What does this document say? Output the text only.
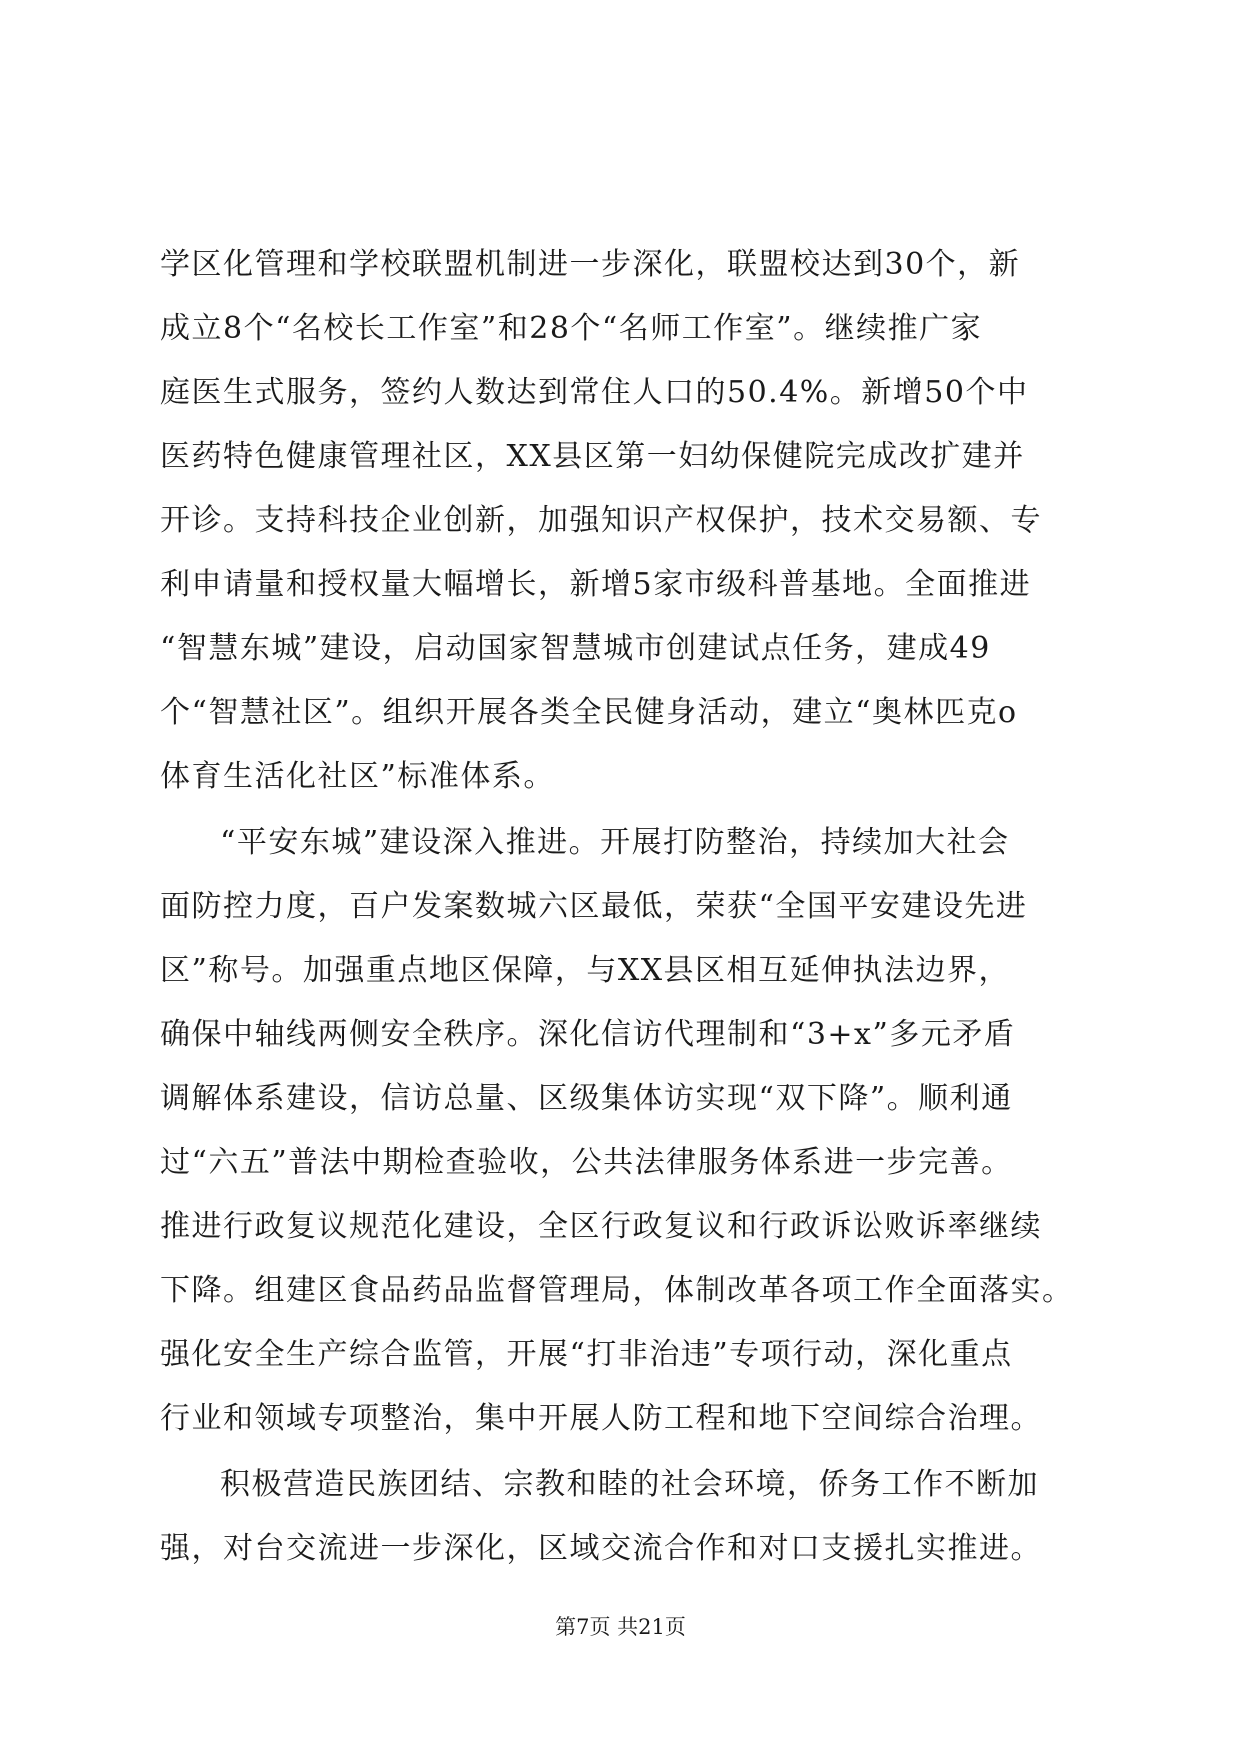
学区化管理和学校联盟机制进一步深化，联盟校达到30个，新
成立8个“名校长工作室”和28个“名师工作室”。继续推广家
庭医生式服务，签约人数达到常住人口的50.4%。新增50个中
医药特色健康管理社区，XX县区第一妇幼保健院完成改扩建并
开诊。支持科技企业创新，加强知识产权保护，技术交易额、专
利申请量和授权量大幅增长，新增5家市级科普基地。全面推进
“智慧东城”建设，启动国家智慧城市创建试点任务，建成49
个“智慧社区”。组织开展各类全民健身活动，建立“奥林匹克o
体育生活化社区”标准体系。
“平安东城”建设深入推进。开展打防整治，持续加大社会
面防控力度，百户发案数城六区最低，荣获“全国平安建设先进
区”称号。加强重点地区保障，与XX县区相互延伸执法边界，
确保中轴线两侧安全秩序。深化信访代理制和“3+x”多元矛盾
调解体系建设，信访总量、区级集体访实现“双下降”。顺利通
过“六五”普法中期检查验收，公共法律服务体系进一步完善。
推进行政复议规范化建设，全区行政复议和行政诉讼败诉率继续
下降。组建区食品药品监督管理局，体制改革各项工作全面落实。
强化安全生产综合监管，开展“打非治违”专项行动，深化重点
行业和领域专项整治，集中开展人防工程和地下空间综合治理。
积极营造民族团结、宗教和睦的社会环境，侨务工作不断加
强，对台交流进一步深化，区域交流合作和对口支援扎实推进。
第7页 共21页
